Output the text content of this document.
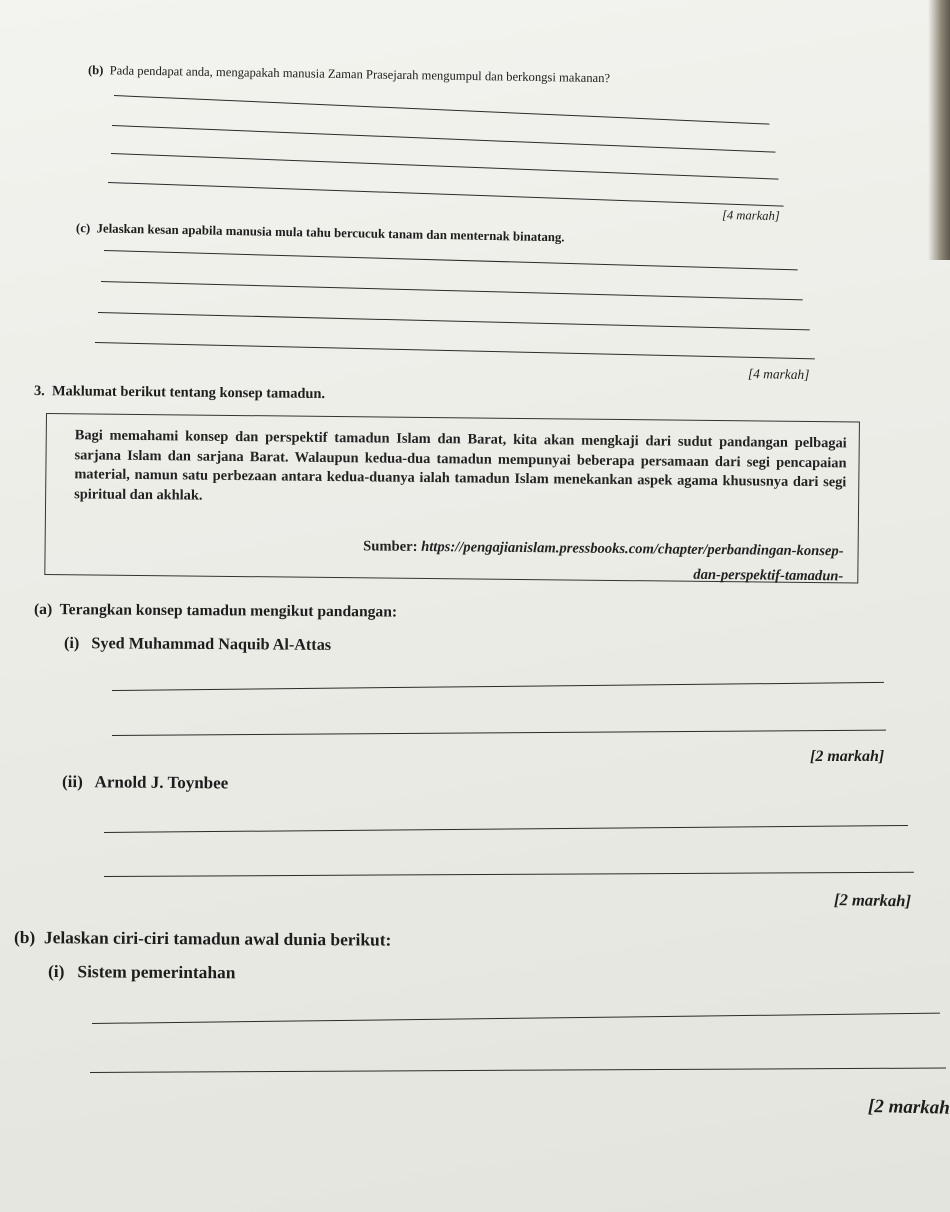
(b) Pada pendapat anda, mengapakah manusia Zaman Prasejarah mengumpul dan berkongsi makanan?
[4 markah]
(c) Jelaskan kesan apabila manusia mula tahu bercucuk tanam dan menternak binatang.
[4 markah]
3. Maklumat berikut tentang konsep tamadun.

Bagi memahami konsep dan perspektif tamadun Islam dan Barat, kita akan mengkaji dari sudut pandangan pelbagai sarjana Islam dan sarjana Barat. Walaupun kedua-dua tamadun mempunyai beberapa persamaan dari segi pencapaian material, namun satu perbezaan antara kedua-duanya ialah tamadun Islam menekankan aspek agama khususnya dari segi spiritual dan akhlak.

Sumber: https://pengajianislam.pressbooks.com/chapter/perbandingan-konsep-
dan-perspektif-tamadun-
(a) Terangkan konsep tamadun mengikut pandangan:
(i) Syed Muhammad Naquib Al-Attas
[2 markah]
(ii) Arnold J. Toynbee
[2 markah]
(b) Jelaskan ciri-ciri tamadun awal dunia berikut:
(i) Sistem pemerintahan
[2 markah
